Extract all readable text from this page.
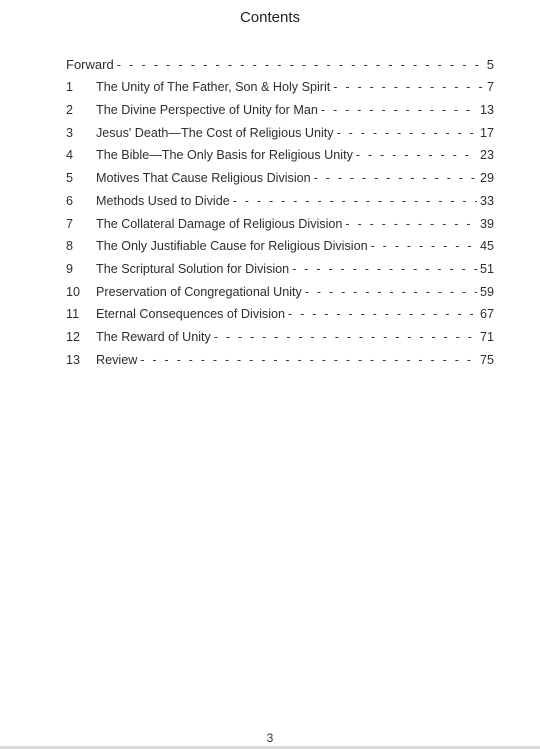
Contents
Forward - - -	5
1	The Unity of The Father, Son & Holy Spirit - - -	7
2	The Divine Perspective of Unity for Man - - -	13
3	Jesus' Death—The Cost of Religious Unity - - -	17
4	The Bible—The Only Basis for Religious Unity - - -	23
5	Motives That Cause Religious Division - - -	29
6	Methods Used to Divide - - -	33
7	The Collateral Damage of Religious Division - - -	39
8	The Only Justifiable Cause for Religious Division - - -	45
9	The Scriptural Solution for Division - - -	51
10	Preservation of Congregational Unity - - -	59
11	Eternal Consequences of Division - - -	67
12	The Reward of Unity - - -	71
13	Review - - -	75
3
